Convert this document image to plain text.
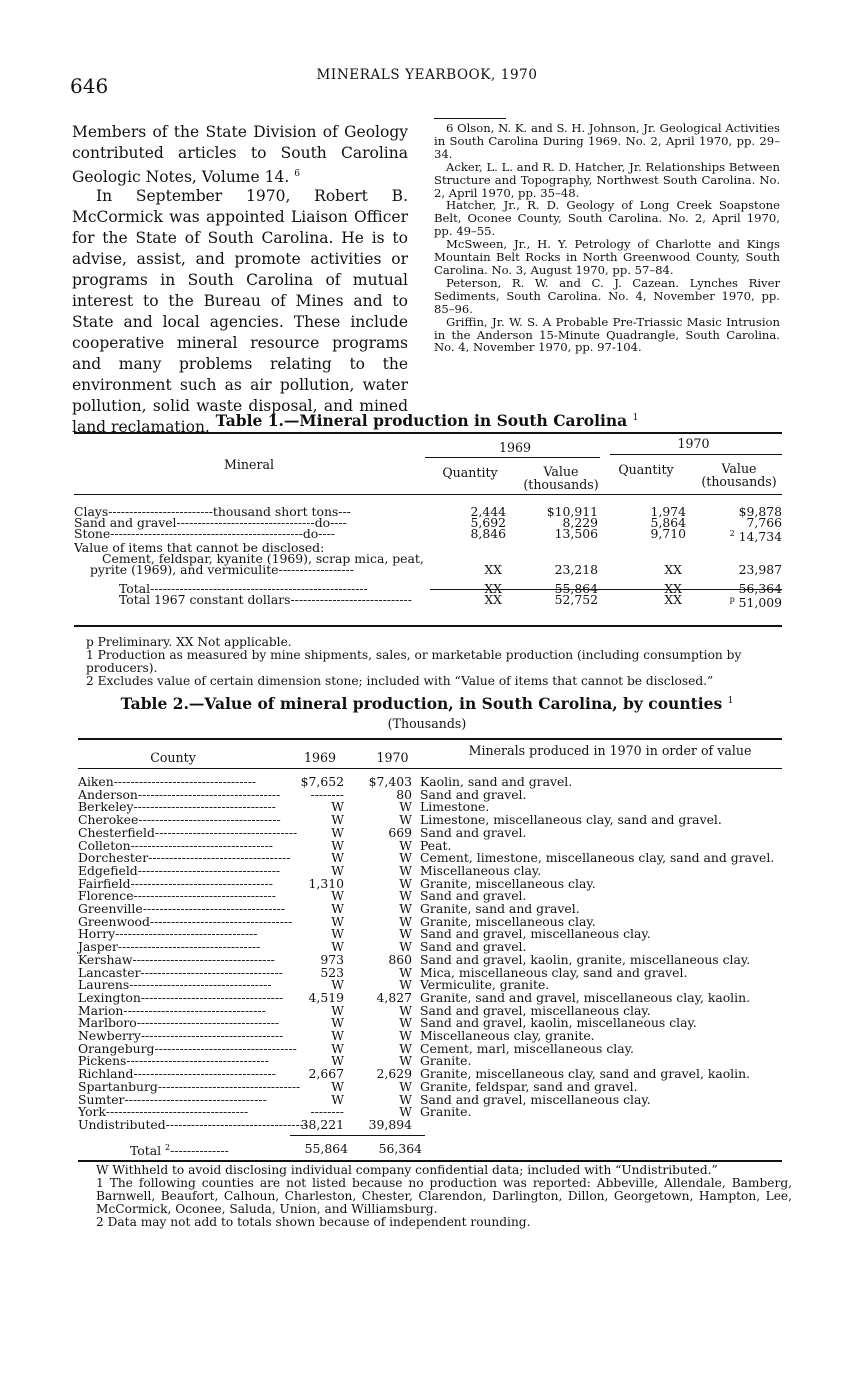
646	MINERALS YEARBOOK, 1970

Members of the State Division of Geology contributed articles to South Carolina Geologic Notes, Volume 14. $^6$

In September 1970, Robert B. McCormick was appointed Liaison Officer for the State of South Carolina. He is to advise, assist, and promote activities or programs in South Carolina of mutual interest to the Bureau of Mines and to State and local agencies. These include cooperative mineral resource programs and many problems relating to the environment such as air pollution, water pollution, solid waste disposal, and mined land reclamation.

6 Olson, N. K. and S. H. Johnson, Jr. Geological Activities in South Carolina During 1969. No. 2, April 1970, pp. 29–34.

Acker, L. L. and R. D. Hatcher, Jr. Relationships Between Structure and Topography, Northwest South Carolina. No. 2, April 1970, pp. 35–48.

Hatcher, Jr., R. D. Geology of Long Creek Soapstone Belt, Oconee County, South Carolina. No. 2, April 1970, pp. 49–55.

McSween, Jr., H. Y. Petrology of Charlotte and Kings Mountain Belt Rocks in North Greenwood County, South Carolina. No. 3, August 1970, pp. 57–84.

Peterson, R. W. and C. J. Cazean. Lynches River Sediments, South Carolina. No. 4, November 1970, pp. 85–96.

Griffin, Jr. W. S. A Probable Pre-Triassic Masic Intrusion in the Anderson 15-Minute Quadrangle, South Carolina. No. 4, November 1970, pp. 97-104.

Table 1.—Mineral production in South Carolina $^1$
Mineral
1969	1970
Quantity	Value
(thousands)
Quantity	Value
(thousands)
Clays-------------------------thousand short tons---	2,444	$10,911	1,974	$9,878
Sand and gravel---------------------------------do----	5,692	8,229	5,864	7,766
Stone----------------------------------------------do----	8,846	13,506	9,710	$^2$ 14,734
Value of items that cannot be disclosed:				
Cement, feldspar, kyanite (1969), scrap mica, peat,				
pyrite (1969), and vermiculite------------------	XX	23,218	XX	23,987

Total----------------------------------------------------	XX	55,864	XX	56,364
Total 1967 constant dollars-----------------------------	XX	52,752	XX	$^p$ 51,009
p Preliminary. XX Not applicable.
1 Production as measured by mine shipments, sales, or marketable production (including consumption by producers).
2 Excludes value of certain dimension stone; included with “Value of items that cannot be disclosed.”
Table 2.—Value of mineral production, in South Carolina, by counties $^1$
(Thousands)
County	1969	1970	Minerals produced in 1970 in order of value
Aiken----------------------------------	$7,652	$7,403	Kaolin, sand and gravel.
Anderson----------------------------------	--------	80	Sand and gravel.
Berkeley----------------------------------	W	W	Limestone.
Cherokee----------------------------------	W	W	Limestone, miscellaneous clay, sand and gravel.
Chesterfield----------------------------------	W	669	Sand and gravel.
Colleton----------------------------------	W	W	Peat.
Dorchester----------------------------------	W	W	Cement, limestone, miscellaneous clay, sand and gravel.
Edgefield----------------------------------	W	W	Miscellaneous clay.
Fairfield----------------------------------	1,310	W	Granite, miscellaneous clay.
Florence----------------------------------	W	W	Sand and gravel.
Greenville----------------------------------	W	W	Granite, sand and gravel.
Greenwood----------------------------------	W	W	Granite, miscellaneous clay.
Horry----------------------------------	W	W	Sand and gravel, miscellaneous clay.
Jasper----------------------------------	W	W	Sand and gravel.
Kershaw----------------------------------	973	860	Sand and gravel, kaolin, granite, miscellaneous clay.
Lancaster----------------------------------	523	W	Mica, miscellaneous clay, sand and gravel.
Laurens----------------------------------	W	W	Vermiculite, granite.
Lexington----------------------------------	4,519	4,827	Granite, sand and gravel, miscellaneous clay, kaolin.
Marion----------------------------------	W	W	Sand and gravel, miscellaneous clay.
Marlboro----------------------------------	W	W	Sand and gravel, kaolin, miscellaneous clay.
Newberry----------------------------------	W	W	Miscellaneous clay, granite.
Orangeburg----------------------------------	W	W	Cement, marl, miscellaneous clay.
Pickens----------------------------------	W	W	Granite.
Richland----------------------------------	2,667	2,629	Granite, miscellaneous clay, sand and gravel, kaolin.
Spartanburg----------------------------------	W	W	Granite, feldspar, sand and gravel.
Sumter----------------------------------	W	W	Sand and gravel, miscellaneous clay.
York----------------------------------	--------	W	Granite.
Undistributed----------------------------------	38,221	39,894	
Total $^2$--------------	55,864	56,364
W Withheld to avoid disclosing individual company confidential data; included with “Undistributed.”
1 The following counties are not listed because no production was reported: Abbeville, Allendale, Bamberg, Barnwell, Beaufort, Calhoun, Charleston, Chester, Clarendon, Darlington, Dillon, Georgetown, Hampton, Lee, McCormick, Oconee, Saluda, Union, and Williamsburg.
2 Data may not add to totals shown because of independent rounding.
